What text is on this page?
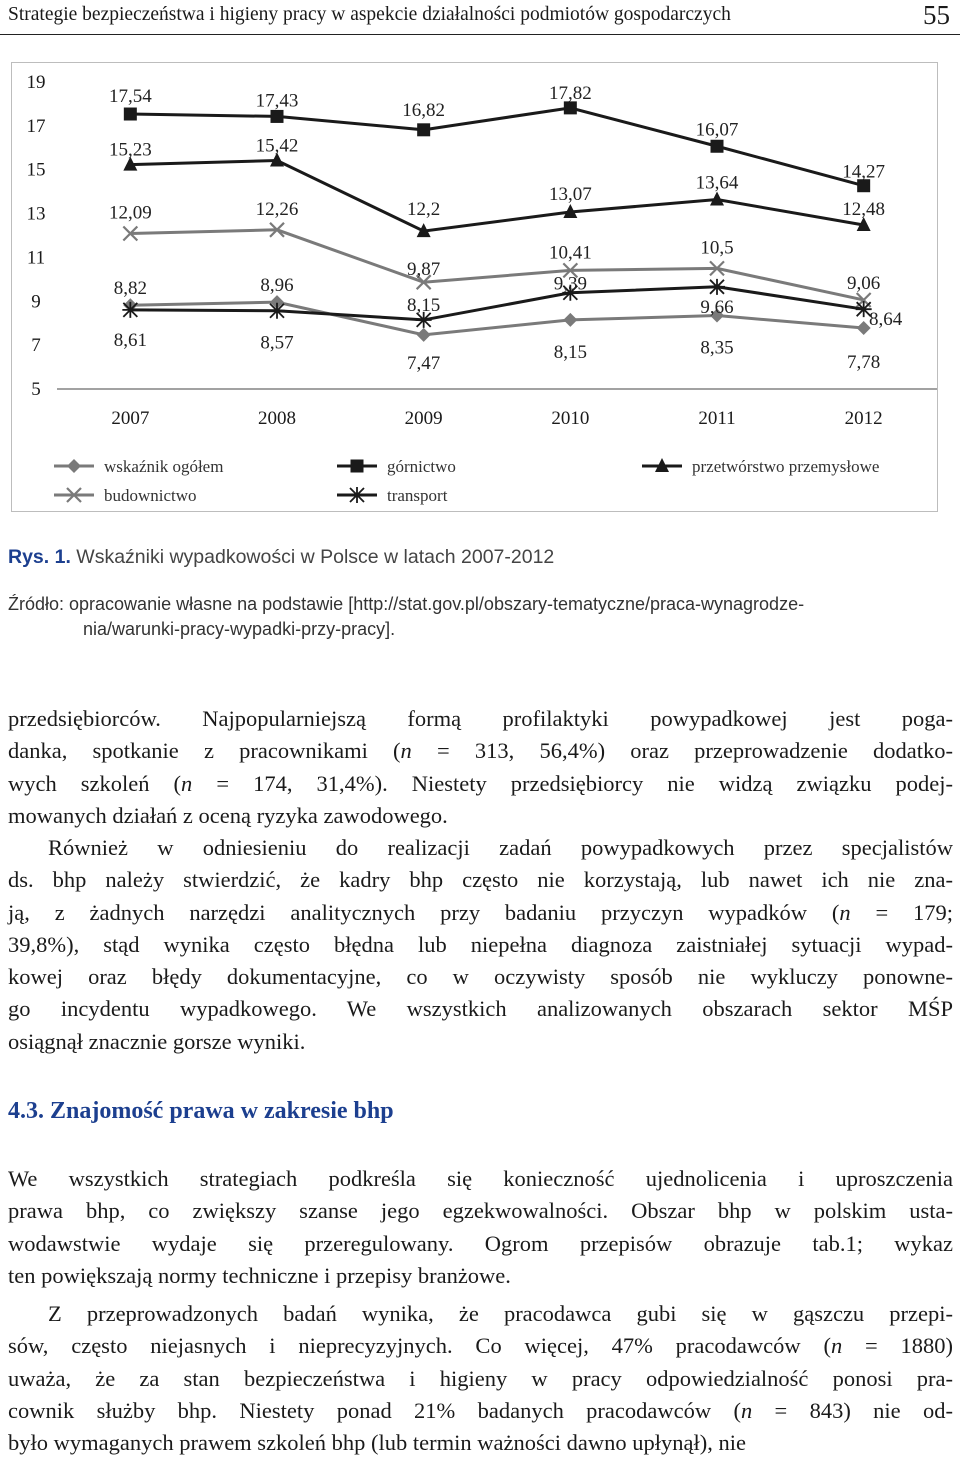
Strategie bezpieczeństwa i higieny pracy w aspekcie działalności podmiotów gospodarczych	55
19
17
15
13
11
9
7
5
2007	2008	2009	2010	2011	2012
8,82	8,96
7,47
8,15	8,35
7,78
17,54	17,43	16,82
17,82
16,07
14,27
15,23	15,42
12,2
13,07
13,64
12,48
12,09	12,26
9,87
10,41	10,5
9,06
8,61	8,57
8,15
9,39
9,66
8,64
wskaźnik ogółem	górnictwo	przetwórstwo przemysłowe
budownictwo	transport
Rys. 1. Wskaźniki wypadkowości w Polsce w latach 2007-2012
Źródło: opracowanie własne na podstawie [http://stat.gov.pl/obszary-tematyczne/praca-wynagrodze-
nia/warunki-pracy-wypadki-przy-pracy].

przedsiębiorców. Najpopularniejszą formą profilaktyki powypadkowej jest poga-
danka, spotkanie z pracownikami (n = 313, 56,4%) oraz przeprowadzenie dodatko-
wych szkoleń (n = 174, 31,4%). Niestety przedsiębiorcy nie widzą związku podej-
mowanych działań z oceną ryzyka zawodowego.

Również w odniesieniu do realizacji zadań powypadkowych przez specjalistów
ds. bhp należy stwierdzić, że kadry bhp często nie korzystają, lub nawet ich nie zna-
ją, z żadnych narzędzi analitycznych przy badaniu przyczyn wypadków (n = 179;
39,8%), stąd wynika często błędna lub niepełna diagnoza zaistniałej sytuacji wypad-
kowej oraz błędy dokumentacyjne, co w oczywisty sposób nie wykluczy ponowne-
go incydentu wypadkowego. We wszystkich analizowanych obszarach sektor MŚP
osiągnął znacznie gorsze wyniki.

4.3. Znajomość prawa w zakresie bhp

We wszystkich strategiach podkreśla się konieczność ujednolicenia i uproszczenia
prawa bhp, co zwiększy szanse jego egzekwowalności. Obszar bhp w polskim usta-
wodawstwie wydaje się przeregulowany. Ogrom przepisów obrazuje tab.1; wykaz
ten powiększają normy techniczne i przepisy branżowe.

Z przeprowadzonych badań wynika, że pracodawca gubi się w gąszczu przepi-
sów, często niejasnych i nieprecyzyjnych. Co więcej, 47% pracodawców (n = 1880)
uważa, że za stan bezpieczeństwa i higieny w pracy odpowiedzialność ponosi pra-
cownik służby bhp. Niestety ponad 21% badanych pracodawców (n = 843) nie od-
było wymaganych prawem szkoleń bhp (lub termin ważności dawno upłynął), nie
